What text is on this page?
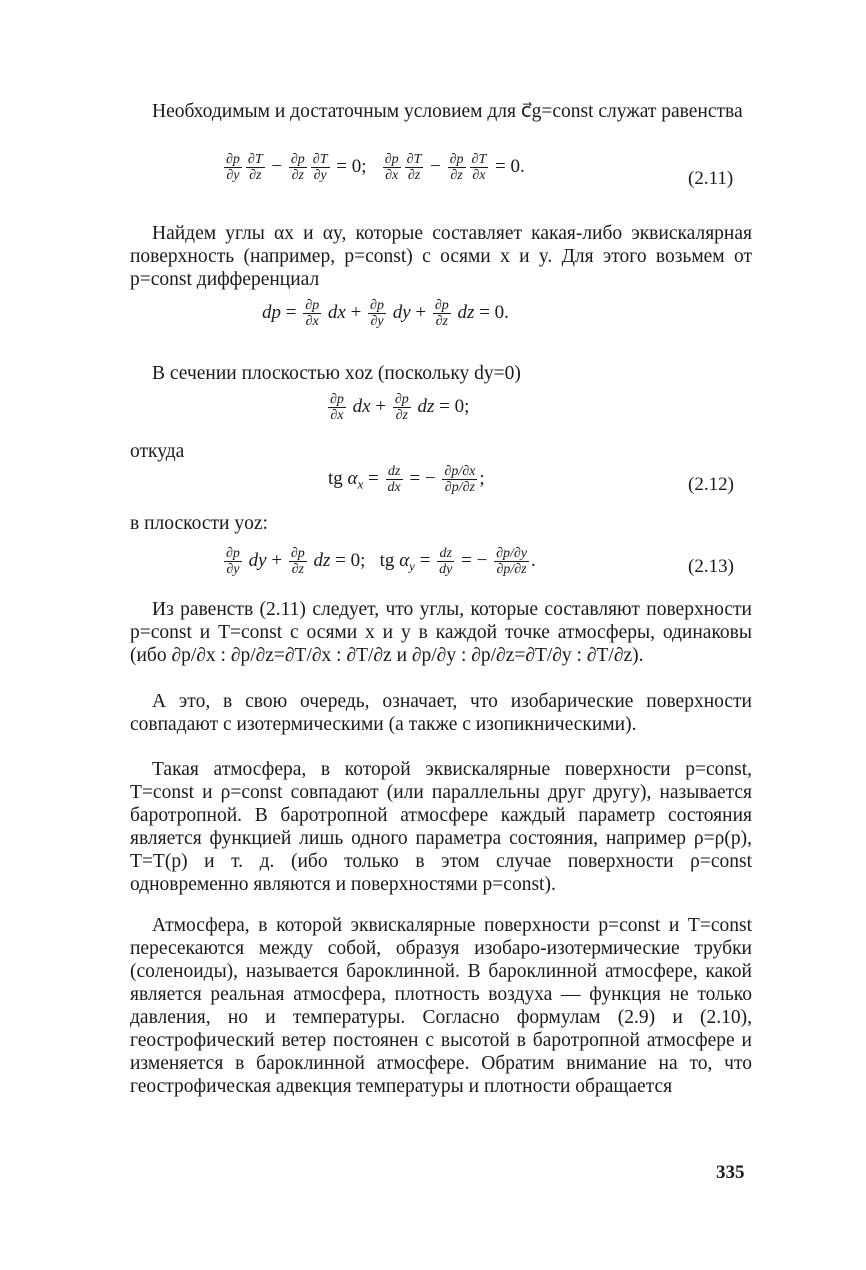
Необходимым и достаточным условием для c⃗g=const служат равенства

$\frac{\partial p}{\partial y} \frac{\partial T}{\partial z} - \frac{\partial p}{\partial z} \frac{\partial T}{\partial y} = 0$; $\frac{\partial p}{\partial x} \frac{\partial T}{\partial z} - \frac{\partial p}{\partial z} \frac{\partial T}{\partial x} = 0$.
(2.11)

Найдем углы αx и αy, которые составляет какая-либо эквискалярная поверхность (например, p=const) с осями x и y. Для этого возьмем от p=const дифференциал

dp = $\frac{\partial p}{\partial x}$ dx + $\frac{\partial p}{\partial y}$ dy + $\frac{\partial p}{\partial z}$ dz = 0.

В сечении плоскостью xoz (поскольку dy=0)

$\frac{\partial p}{\partial x}$ dx + $\frac{\partial p}{\partial z}$ dz = 0;
откуда
tg $\alpha_x = \frac{dz}{dx}$ = − $\frac{\partial p/\partial x}{\partial p/\partial z}$ ;	(2.12)
в плоскости yoz:
$\frac{\partial p}{\partial y}$ dy + $\frac{\partial p}{\partial z}$ dz = 0; tg $\alpha_y = \frac{dz}{dy}$ = − $\frac{\partial p/\partial y}{\partial p/\partial z}$ .	(2.13)

Из равенств (2.11) следует, что углы, которые составляют поверхности p=const и T=const с осями x и y в каждой точке атмосферы, одинаковы (ибо ∂p/∂x : ∂p/∂z=∂T/∂x : ∂T/∂z и ∂p/∂y : ∂p/∂z=∂T/∂y : ∂T/∂z).

А это, в свою очередь, означает, что изобарические поверхности совпадают с изотермическими (а также с изопикническими).

Такая атмосфера, в которой эквискалярные поверхности p=const, T=const и ρ=const совпадают (или параллельны друг другу), называется баротропной. В баротропной атмосфере каждый параметр состояния является функцией лишь одного параметра состояния, например ρ=ρ(p), T=T(p) и т. д. (ибо только в этом случае поверхности ρ=const одновременно являются и поверхностями p=const).

Атмосфера, в которой эквискалярные поверхности p=const и T=const пересекаются между собой, образуя изобаро-изотермические трубки (соленоиды), называется бароклинной. В бароклинной атмосфере, какой является реальная атмосфера, плотность воздуха — функция не только давления, но и температуры. Согласно формулам (2.9) и (2.10), геострофический ветер постоянен с высотой в баротропной атмосфере и изменяется в бароклинной атмосфере. Обратим внимание на то, что геострофическая адвекция температуры и плотности обращается

335
